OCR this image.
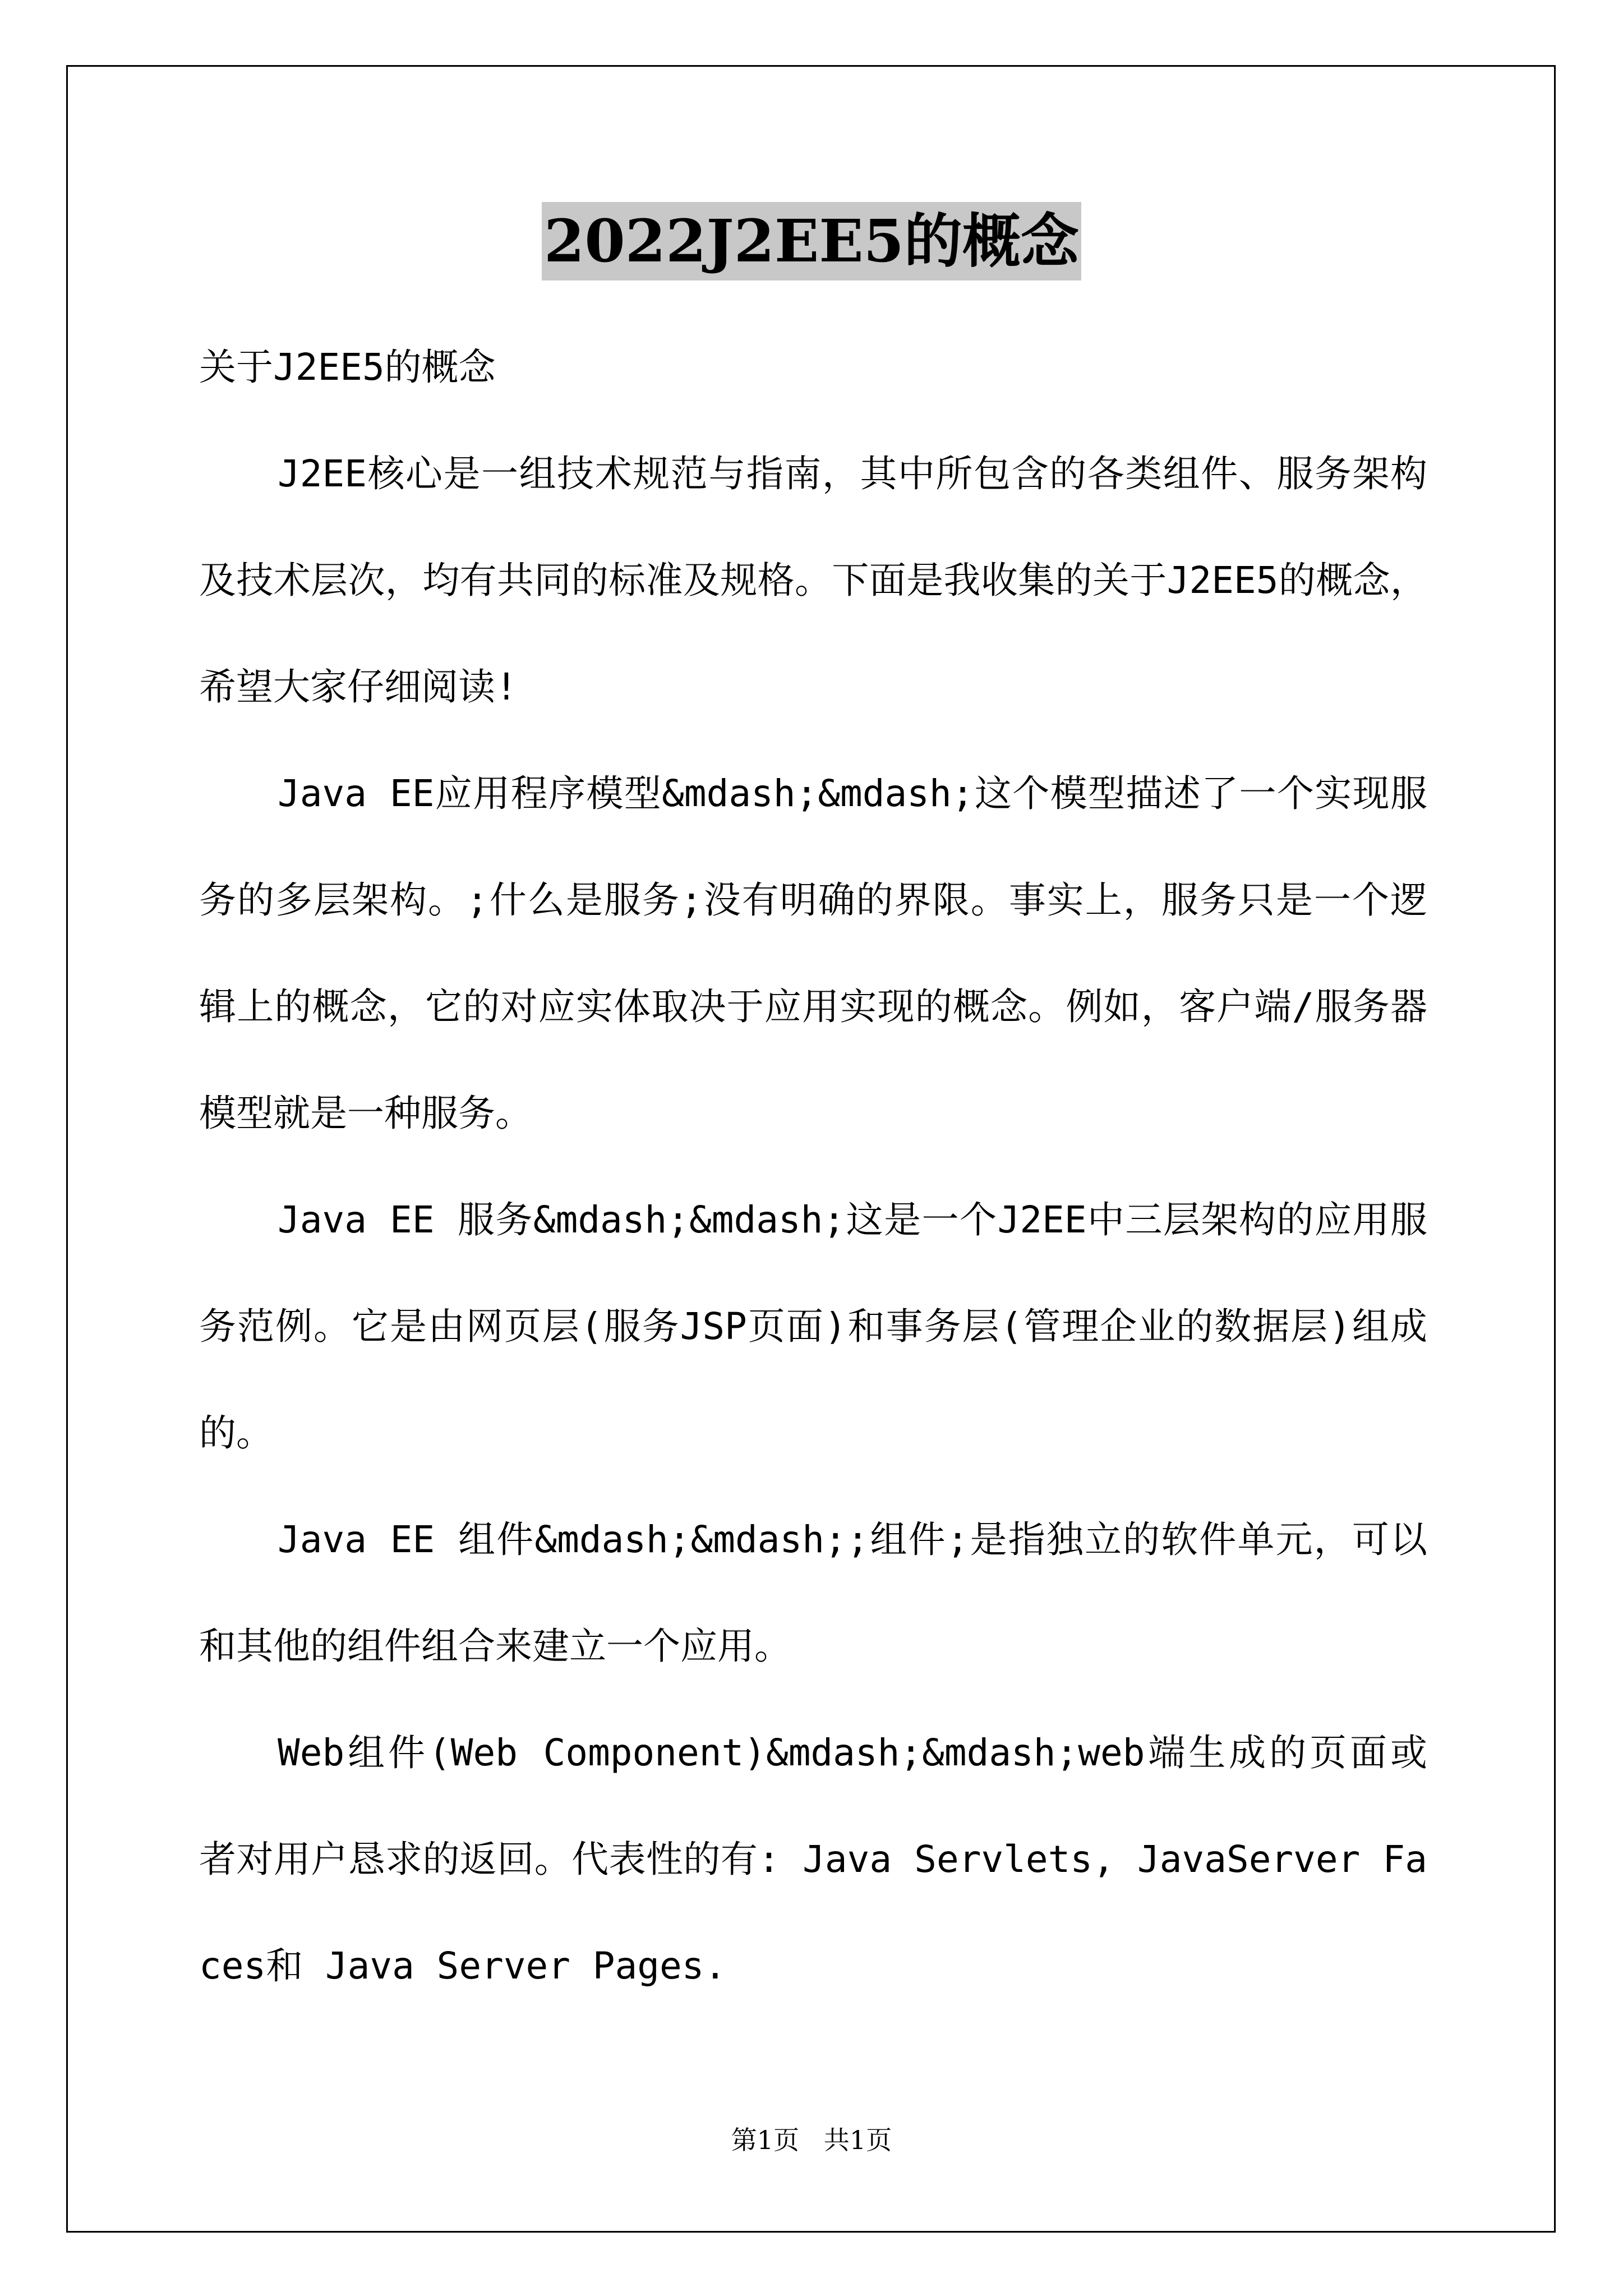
2022J2EE5的概念

关于J2EE5的概念

J2EE核心是一组技术规范与指南，其中所包含的各类组件、服务架构及技术层次，均有共同的标准及规格。下面是我收集的关于J2EE5的概念，希望大家仔细阅读!

Java EE应用程序模型&mdash;&mdash;这个模型描述了一个实现服务的多层架构。;什么是服务;没有明确的界限。事实上，服务只是一个逻辑上的概念，它的对应实体取决于应用实现的概念。例如，客户端/服务器模型就是一种服务。

Java EE 服务&mdash;&mdash;这是一个J2EE中三层架构的应用服务范例。它是由网页层(服务JSP页面)和事务层(管理企业的数据层)组成的。

Java EE 组件&mdash;&mdash;;组件;是指独立的软件单元，可以和其他的组件组合来建立一个应用。

Web组件(Web Component)&mdash;&mdash;web端生成的页面或者对用户恳求的返回。代表性的有: Java Servlets, JavaServer Faces和 Java Server Pages.

第1页   共1页
